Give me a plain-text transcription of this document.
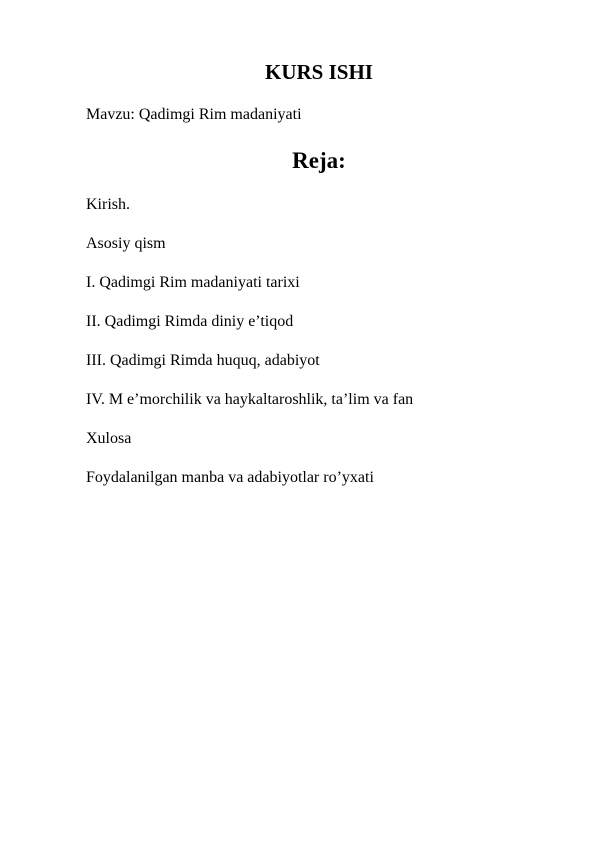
KURS ISHI

Mavzu: Qadimgi Rim madaniyati

Reja:
Kirish.
Asosiy qism
I. Qadimgi Rim madaniyati tarixi
II. Qadimgi Rimda diniy e’tiqod
III. Qadimgi Rimda huquq, adabiyot
IV. M e’morchilik va haykaltaroshlik, ta’lim va fan
Xulosa
Foydalanilgan manba va adabiyotlar ro’yxati
